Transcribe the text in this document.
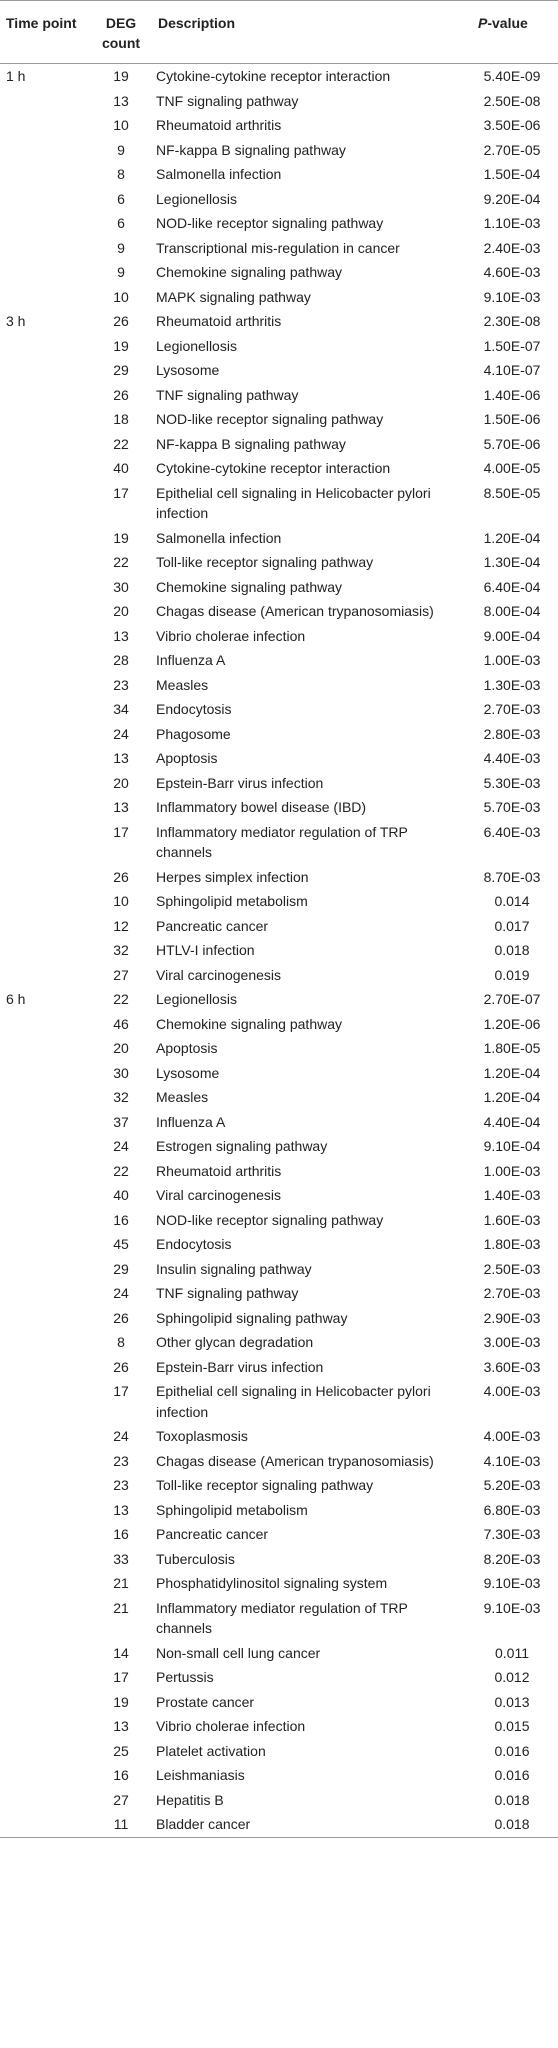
Time point	DEG count	Description	P-value
1 h	19	Cytokine-cytokine receptor interaction	5.40E-09
	13	TNF signaling pathway	2.50E-08
	10	Rheumatoid arthritis	3.50E-06
	9	NF-kappa B signaling pathway	2.70E-05
	8	Salmonella infection	1.50E-04
	6	Legionellosis	9.20E-04
	6	NOD-like receptor signaling pathway	1.10E-03
	9	Transcriptional mis-regulation in cancer	2.40E-03
	9	Chemokine signaling pathway	4.60E-03
	10	MAPK signaling pathway	9.10E-03
3 h	26	Rheumatoid arthritis	2.30E-08
	19	Legionellosis	1.50E-07
	29	Lysosome	4.10E-07
	26	TNF signaling pathway	1.40E-06
	18	NOD-like receptor signaling pathway	1.50E-06
	22	NF-kappa B signaling pathway	5.70E-06
	40	Cytokine-cytokine receptor interaction	4.00E-05
	17	Epithelial cell signaling in Helicobacter pylori infection	8.50E-05
	19	Salmonella infection	1.20E-04
	22	Toll-like receptor signaling pathway	1.30E-04
	30	Chemokine signaling pathway	6.40E-04
	20	Chagas disease (American trypanosomiasis)	8.00E-04
	13	Vibrio cholerae infection	9.00E-04
	28	Influenza A	1.00E-03
	23	Measles	1.30E-03
	34	Endocytosis	2.70E-03
	24	Phagosome	2.80E-03
	13	Apoptosis	4.40E-03
	20	Epstein-Barr virus infection	5.30E-03
	13	Inflammatory bowel disease (IBD)	5.70E-03
	17	Inflammatory mediator regulation of TRP channels	6.40E-03
	26	Herpes simplex infection	8.70E-03
	10	Sphingolipid metabolism	0.014
	12	Pancreatic cancer	0.017
	32	HTLV-I infection	0.018
	27	Viral carcinogenesis	0.019
6 h	22	Legionellosis	2.70E-07
	46	Chemokine signaling pathway	1.20E-06
	20	Apoptosis	1.80E-05
	30	Lysosome	1.20E-04
	32	Measles	1.20E-04
	37	Influenza A	4.40E-04
	24	Estrogen signaling pathway	9.10E-04
	22	Rheumatoid arthritis	1.00E-03
	40	Viral carcinogenesis	1.40E-03
	16	NOD-like receptor signaling pathway	1.60E-03
	45	Endocytosis	1.80E-03
	29	Insulin signaling pathway	2.50E-03
	24	TNF signaling pathway	2.70E-03
	26	Sphingolipid signaling pathway	2.90E-03
	8	Other glycan degradation	3.00E-03
	26	Epstein-Barr virus infection	3.60E-03
	17	Epithelial cell signaling in Helicobacter pylori infection	4.00E-03
	24	Toxoplasmosis	4.00E-03
	23	Chagas disease (American trypanosomiasis)	4.10E-03
	23	Toll-like receptor signaling pathway	5.20E-03
	13	Sphingolipid metabolism	6.80E-03
	16	Pancreatic cancer	7.30E-03
	33	Tuberculosis	8.20E-03
	21	Phosphatidylinositol signaling system	9.10E-03
	21	Inflammatory mediator regulation of TRP channels	9.10E-03
	14	Non-small cell lung cancer	0.011
	17	Pertussis	0.012
	19	Prostate cancer	0.013
	13	Vibrio cholerae infection	0.015
	25	Platelet activation	0.016
	16	Leishmaniasis	0.016
	27	Hepatitis B	0.018
	11	Bladder cancer	0.018
